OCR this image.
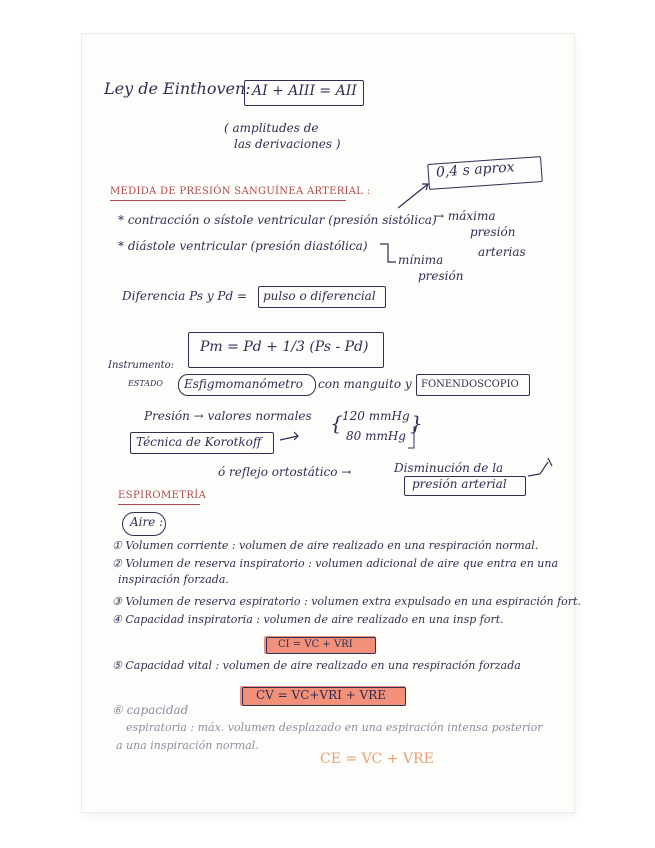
Ley de Einthoven: AI + AIII = AII
( amplitudes de
las derivaciones )
0,4 s aprox
MEDIDA DE PRESIÓN SANGUÍNEA ARTERIAL :
* contracción o sístole ventricular (presión sistólica)
→ máxima
presión
arterias
* diástole ventricular (presión diastólica)
mínima
presión
Diferencia Ps y Pd = pulso o diferencial
Pm = Pd + 1/3 (Ps - Pd)
Instrumento:
ESTADO Esfigmomanómetro con manguito y FONENDOSCOPIO
Presión → valores normales { 120 mmHg
80 mmHg
}
Técnica de Korotkoff
ó reflejo ortostático →	Disminución de la
presión arterial
ESPIROMETRÍA
Aire :
① Volumen corriente : volumen de aire realizado en una respiración normal.
② Volumen de reserva inspiratorio : volumen adicional de aire que entra en una
inspiración forzada.
③ Volumen de reserva espiratorio : volumen extra expulsado en una espiración fort.
④ Capacidad inspiratoria : volumen de aire realizado en una insp fort.
CI = VC + VRI
⑤ Capacidad vital : volumen de aire realizado en una respiración forzada
CV = VC+VRI + VRE
⑥ capacidad
espiratoria : máx. volumen desplazado en una espiración intensa posterior
a una inspiración normal.
CE = VC + VRE
